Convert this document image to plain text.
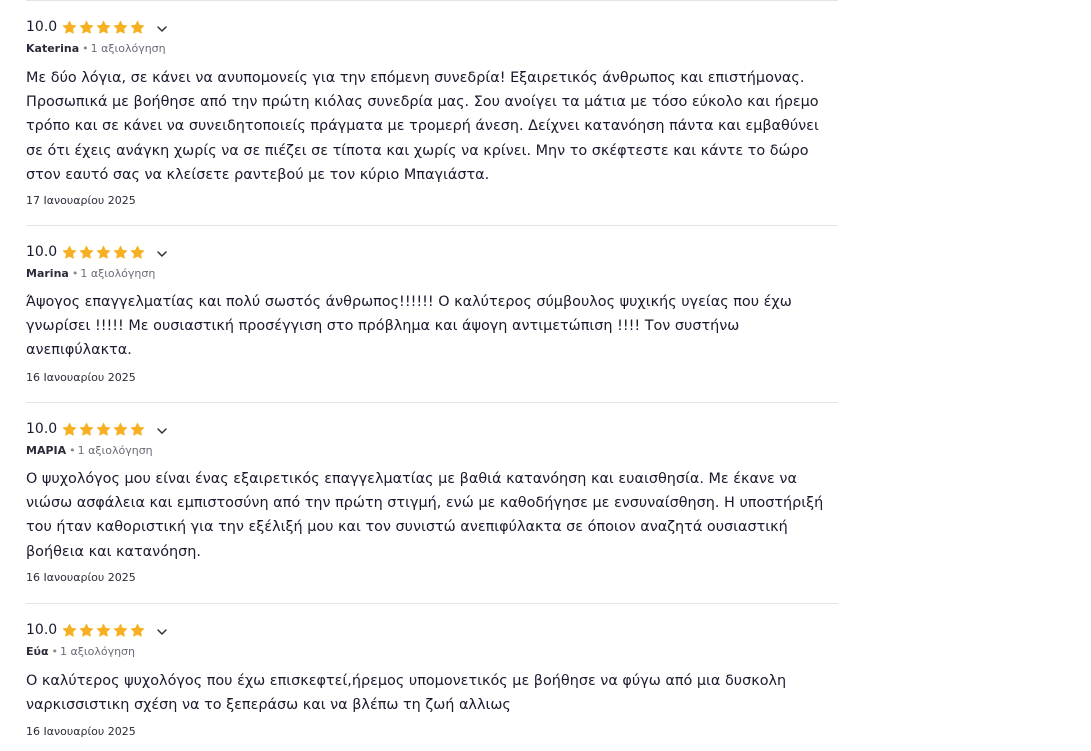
10.0
Katerina • 1 αξιολόγηση

Με δύο λόγια, σε κάνει να ανυπομονείς για την επόμενη συνεδρία! Εξαιρετικός άνθρωπος και επιστήμονας. Προσωπικά με βοήθησε από την πρώτη κιόλας συνεδρία μας. Σου ανοίγει τα μάτια με τόσο εύκολο και ήρεμο τρόπο και σε κάνει να συνειδητοποιείς πράγματα με τρομερή άνεση. Δείχνει κατανόηση πάντα και εμβαθύνει σε ότι έχεις ανάγκη χωρίς να σε πιέζει σε τίποτα και χωρίς να κρίνει. Μην το σκέφτεστε και κάντε το δώρο στον εαυτό σας να κλείσετε ραντεβού με τον κύριο Μπαγιάστα.

17 Ιανουαρίου 2025
10.0
Marina • 1 αξιολόγηση

Άψογος επαγγελματίας και πολύ σωστός άνθρωπος!!!!!! Ο καλύτερος σύμβουλος ψυχικής υγείας που έχω γνωρίσει !!!!! Με ουσιαστική προσέγγιση στο πρόβλημα και άψογη αντιμετώπιση !!!! Τον συστήνω ανεπιφύλακτα.

16 Ιανουαρίου 2025
10.0
ΜΑΡΙΑ • 1 αξιολόγηση

Ο ψυχολόγος μου είναι ένας εξαιρετικός επαγγελματίας με βαθιά κατανόηση και ευαισθησία. Με έκανε να νιώσω ασφάλεια και εμπιστοσύνη από την πρώτη στιγμή, ενώ με καθοδήγησε με ενσυναίσθηση. Η υποστήριξή του ήταν καθοριστική για την εξέλιξή μου και τον συνιστώ ανεπιφύλακτα σε όποιον αναζητά ουσιαστική βοήθεια και κατανόηση.

16 Ιανουαρίου 2025
10.0
Εύα • 1 αξιολόγηση

Ο καλύτερος ψυχολόγος που έχω επισκεφτεί,ήρεμος υπομονετικός με βοήθησε να φύγω από μια δυσκολη ναρκισσιστικη σχέση να το ξεπεράσω και να βλέπω τη ζωή αλλιως

16 Ιανουαρίου 2025
